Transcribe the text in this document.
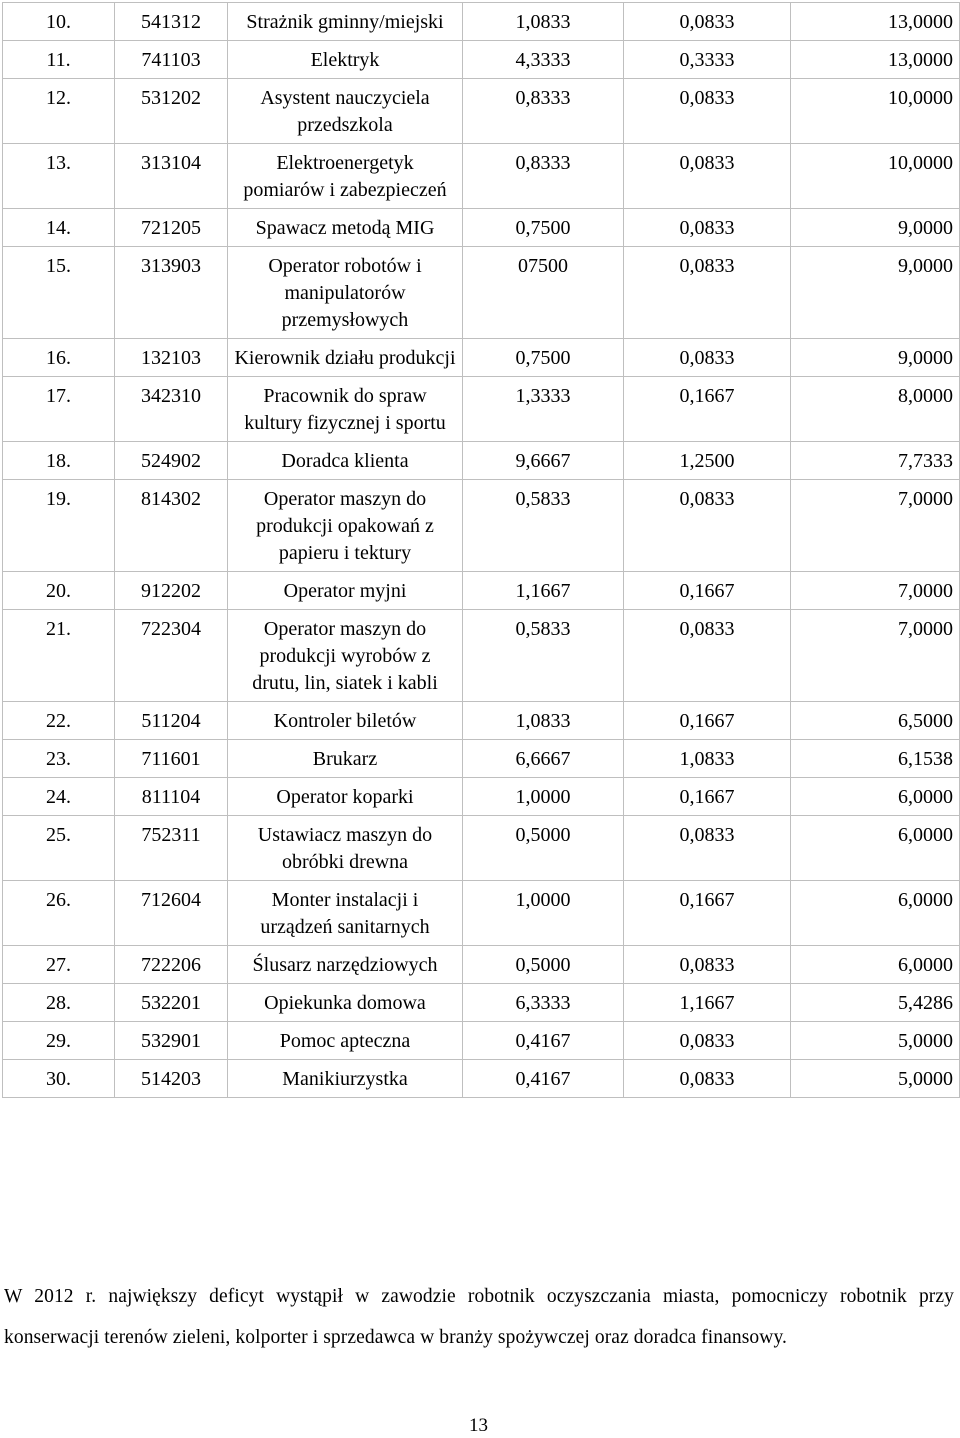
10.	541312	Strażnik gminny/miejski	1,0833	0,0833	13,0000
11.	741103	Elektryk	4,3333	0,3333	13,0000
12.	531202	Asystent nauczyciela przedszkola	0,8333	0,0833	10,0000
13.	313104	Elektroenergetyk pomiarów i zabezpieczeń	0,8333	0,0833	10,0000
14.	721205	Spawacz metodą MIG	0,7500	0,0833	9,0000
15.	313903	Operator robotów i manipulatorów przemysłowych	07500	0,0833	9,0000
16.	132103	Kierownik działu produkcji	0,7500	0,0833	9,0000
17.	342310	Pracownik do spraw kultury fizycznej i sportu	1,3333	0,1667	8,0000
18.	524902	Doradca klienta	9,6667	1,2500	7,7333
19.	814302	Operator maszyn do produkcji opakowań z papieru i tektury	0,5833	0,0833	7,0000
20.	912202	Operator myjni	1,1667	0,1667	7,0000
21.	722304	Operator maszyn do produkcji wyrobów z drutu, lin, siatek i kabli	0,5833	0,0833	7,0000
22.	511204	Kontroler biletów	1,0833	0,1667	6,5000
23.	711601	Brukarz	6,6667	1,0833	6,1538
24.	811104	Operator koparki	1,0000	0,1667	6,0000
25.	752311	Ustawiacz maszyn do obróbki drewna	0,5000	0,0833	6,0000
26.	712604	Monter instalacji i urządzeń sanitarnych	1,0000	0,1667	6,0000
27.	722206	Ślusarz narzędziowych	0,5000	0,0833	6,0000
28.	532201	Opiekunka domowa	6,3333	1,1667	5,4286
29.	532901	Pomoc apteczna	0,4167	0,0833	5,0000
30.	514203	Manikiurzystka	0,4167	0,0833	5,0000
W 2012 r. największy deficyt wystąpił w zawodzie robotnik oczyszczania miasta, pomocniczy robotnik przy konserwacji terenów zieleni, kolporter i sprzedawca w branży spożywczej oraz doradca finansowy.
13
